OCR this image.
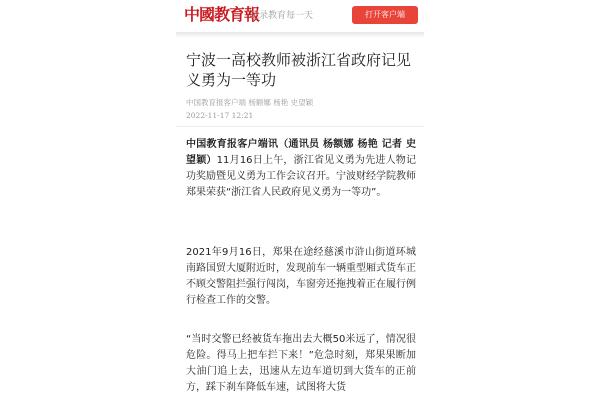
中國教育報
记录教育每一天	打开客户端
宁波一高校教师被浙江省政府记见义勇为一等功
中国教育报客户端 杨额娜 杨艳 史望颖
2022-11-17 12:21

中国教育报客户端讯（通讯员 杨额娜 杨艳 记者 史望颖）11月16日上午，浙江省见义勇为先进人物记功奖励暨见义勇为工作会议召开。宁波财经学院教师郑果荣获“浙江省人民政府见义勇为一等功”。

2021年9月16日，郑果在途经慈溪市浒山街道环城南路国贸大厦附近时，发现前车一辆重型厢式货车正不顾交警阻拦强行闯岗，车窗旁还拖拽着正在履行例行检查工作的交警。

“当时交警已经被货车拖出去大概50米远了，情况很危险。得马上把车拦下来！”危急时刻，郑果果断加大油门追上去，迅速从左边车道切到大货车的正前方，踩下刹车降低车速，试图将大货
